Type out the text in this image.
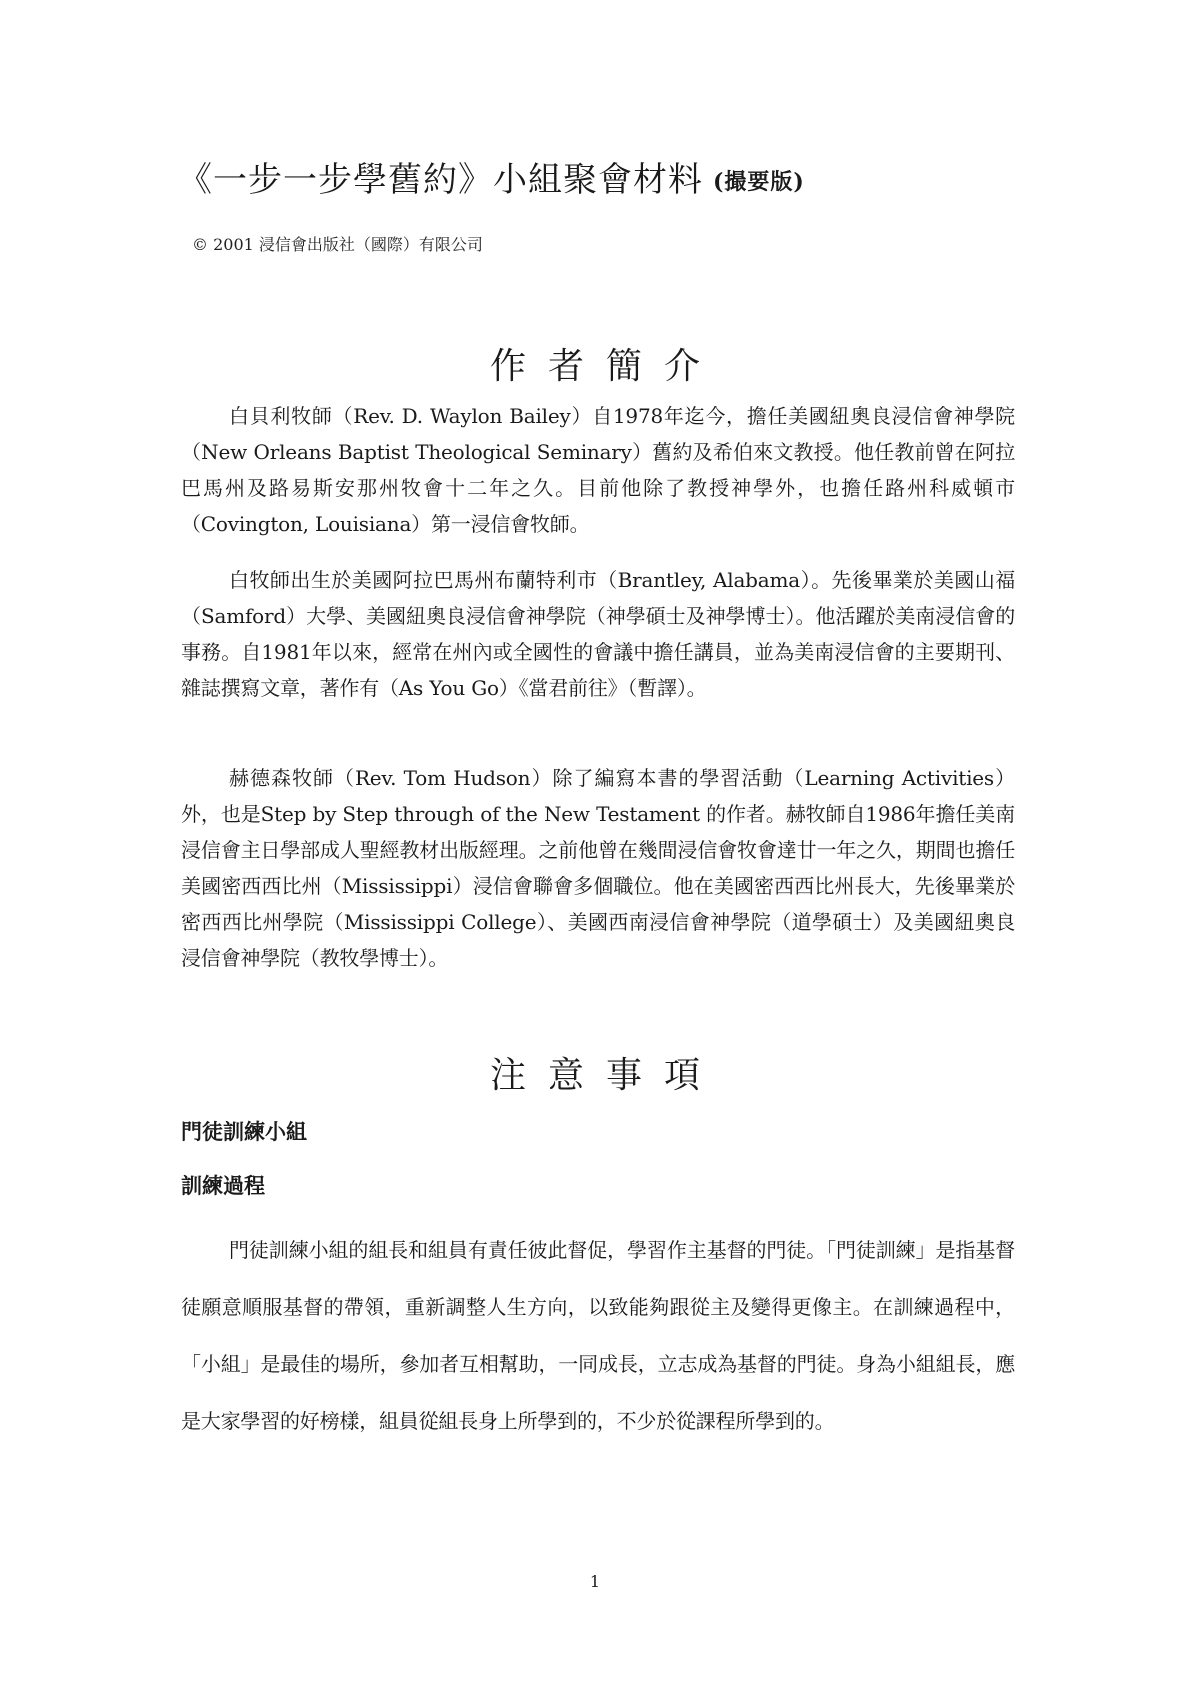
《一步一步學舊約》小組聚會材料 (撮要版)
© 2001 浸信會出版社（國際）有限公司
作者簡介

白貝利牧師（Rev. D. Waylon Bailey）自1978年迄今，擔任美國紐奧良浸信會神學院（New Orleans Baptist Theological Seminary）舊約及希伯來文教授。他任教前曾在阿拉巴馬州及路易斯安那州牧會十二年之久。目前他除了教授神學外，也擔任路州科威頓市（Covington, Louisiana）第一浸信會牧師。

白牧師出生於美國阿拉巴馬州布蘭特利市（Brantley, Alabama）。先後畢業於美國山福（Samford）大學、美國紐奧良浸信會神學院（神學碩士及神學博士）。他活躍於美南浸信會的事務。自1981年以來，經常在州內或全國性的會議中擔任講員，並為美南浸信會的主要期刊、雜誌撰寫文章，著作有（As You Go）《當君前往》（暫譯）。

赫德森牧師（Rev. Tom Hudson）除了編寫本書的學習活動（Learning Activities）外，也是Step by Step through of the New Testament 的作者。赫牧師自1986年擔任美南浸信會主日學部成人聖經教材出版經理。之前他曾在幾間浸信會牧會達廿一年之久，期間也擔任美國密西西比州（Mississippi）浸信會聯會多個職位。他在美國密西西比州長大，先後畢業於密西西比州學院（Mississippi College）、美國西南浸信會神學院（道學碩士）及美國紐奧良浸信會神學院（教牧學博士）。

注意事項
門徒訓練小組
訓練過程

門徒訓練小組的組長和組員有責任彼此督促，學習作主基督的門徒。「門徒訓練」是指基督徒願意順服基督的帶領，重新調整人生方向，以致能夠跟從主及變得更像主。在訓練過程中，「小組」是最佳的場所，參加者互相幫助，一同成長，立志成為基督的門徒。身為小組組長，應是大家學習的好榜樣，組員從組長身上所學到的，不少於從課程所學到的。

1
